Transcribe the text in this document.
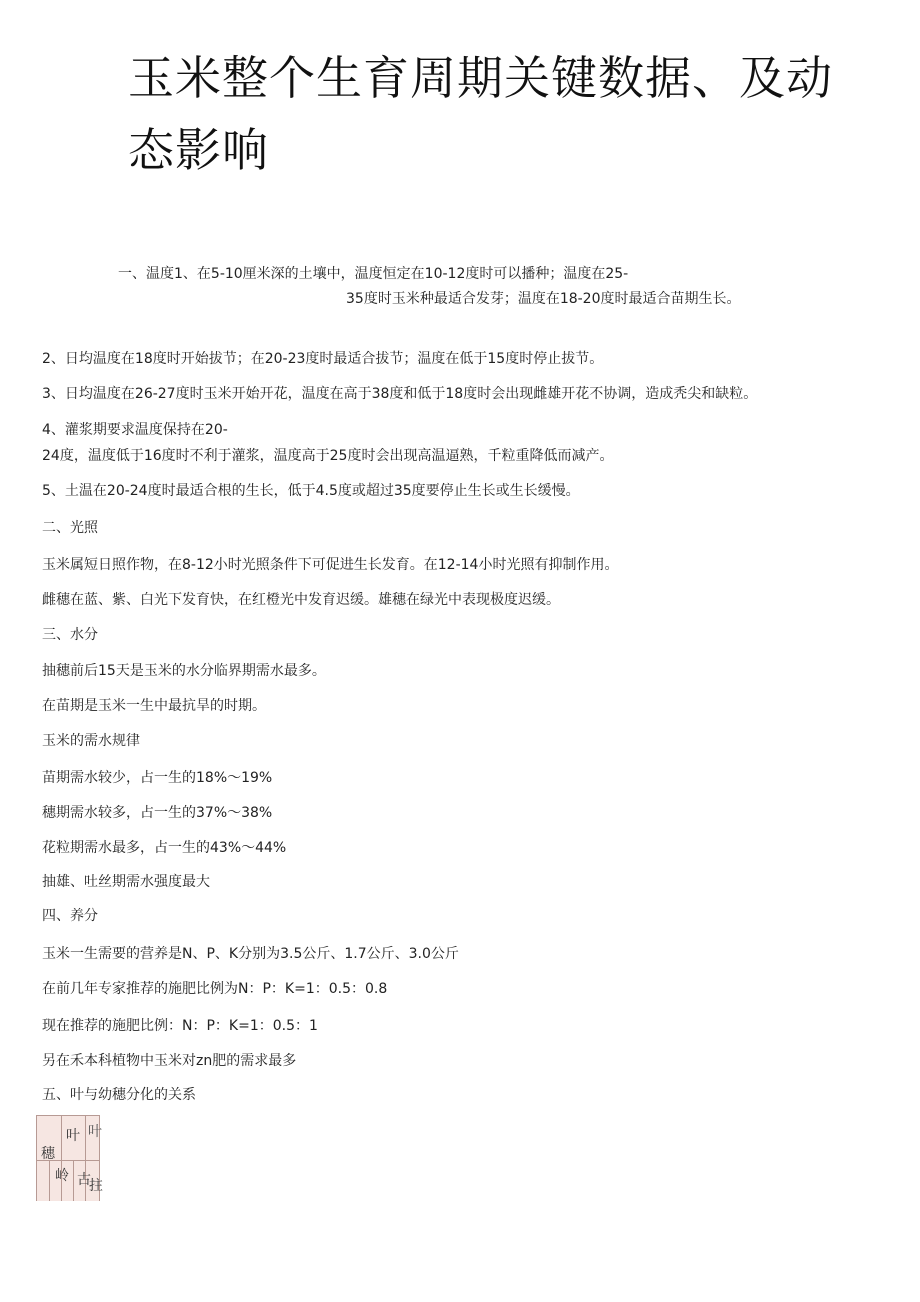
玉米整个生育周期关键数据、及动态影响
一、温度1、在5-10厘米深的土壤中，温度恒定在10-12度时可以播种；温度在25-
35度时玉米种最适合发芽；温度在18-20度时最适合苗期生长。
2、日均温度在18度时开始拔节；在20-23度时最适合拔节；温度在低于15度时停止拔节。
3、日均温度在26-27度时玉米开始开花，温度在高于38度和低于18度时会出现雌雄开花不协调，造成秃尖和缺粒。
4、灌浆期要求温度保持在20-
24度，温度低于16度时不利于灌浆，温度高于25度时会出现高温逼熟，千粒重降低而减产。
5、土温在20-24度时最适合根的生长，低于4.5度或超过35度要停止生长或生长缓慢。
二、光照
玉米属短日照作物，在8-12小时光照条件下可促进生长发育。在12-14小时光照有抑制作用。
雌穗在蓝、紫、白光下发育快，在红橙光中发育迟缓。雄穗在绿光中表现极度迟缓。
三、水分
抽穗前后15天是玉米的水分临界期需水最多。
在苗期是玉米一生中最抗旱的时期。
玉米的需水规律
苗期需水较少，占一生的18%～19%
穗期需水较多，占一生的37%～38%
花粒期需水最多，占一生的43%～44%
抽雄、吐丝期需水强度最大
四、养分
玉米一生需要的营养是N、P、K分别为3.5公斤、1.7公斤、3.0公斤
在前几年专家推荐的施肥比例为N：P：K=1：0.5：0.8
现在推荐的施肥比例：N：P：K=1：0.5：1
另在禾本科植物中玉米对zn肥的需求最多
五、叶与幼穗分化的关系
叶 叶
穗
岭 古
拄
